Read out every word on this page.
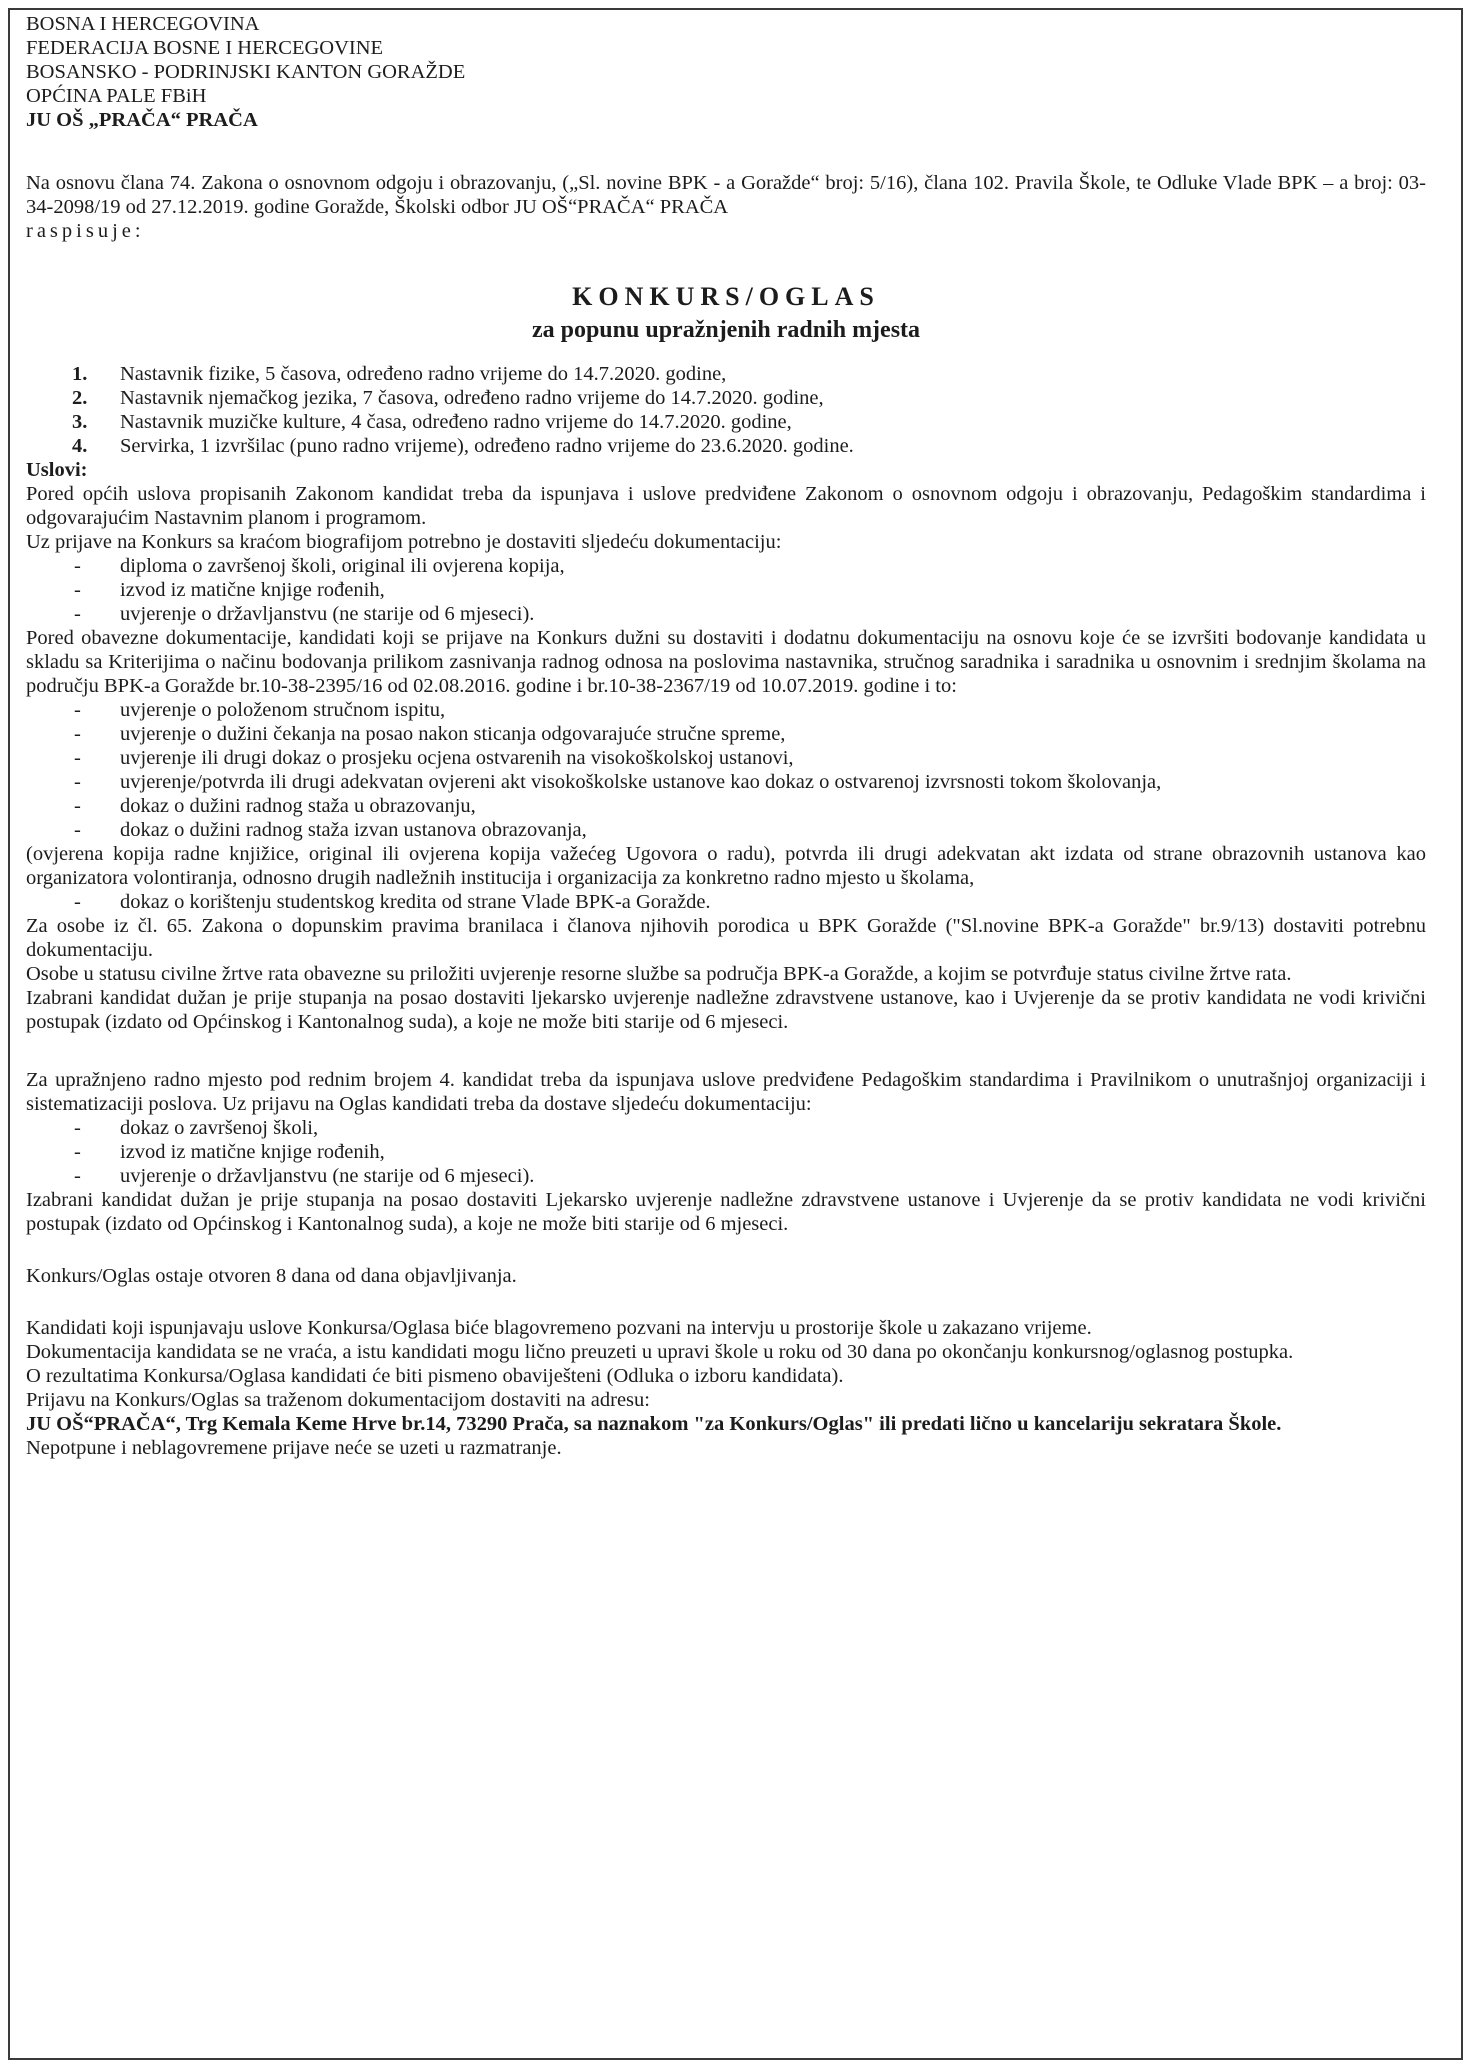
BOSNA I HERCEGOVINA
FEDERACIJA BOSNE I HERCEGOVINE
BOSANSKO - PODRINJSKI KANTON GORAŽDE
OPĆINA PALE FBiH
JU OŠ „PRAČA“ PRAČA

Na osnovu člana 74. Zakona o osnovnom odgoju i obrazovanju, („Sl. novine BPK - a Goražde“ broj: 5/16), člana 102. Pravila Škole, te Odluke Vlade BPK – a broj: 03-34-2098/19 od 27.12.2019. godine Goražde, Školski odbor JU OŠ“PRAČA“ PRAČA

raspisuje:

KONKURS/OGLAS
za popunu upražnjenih radnih mjesta
1.	Nastavnik fizike, 5 časova, određeno radno vrijeme do 14.7.2020. godine,
2.	Nastavnik njemačkog jezika, 7 časova, određeno radno vrijeme do 14.7.2020. godine,
3.	Nastavnik muzičke kulture, 4 časa, određeno radno vrijeme do 14.7.2020. godine,
4.	Servirka, 1 izvršilac (puno radno vrijeme), određeno radno vrijeme do 23.6.2020. godine.

Uslovi:

Pored općih uslova propisanih Zakonom kandidat treba da ispunjava i uslove predviđene Zakonom o osnovnom odgoju i obrazovanju, Pedagoškim standardima i odgovarajućim Nastavnim planom i programom.

Uz prijave na Konkurs sa kraćom biografijom potrebno je dostaviti sljedeću dokumentaciju:

-	diploma o završenoj školi, original ili ovjerena kopija,
-	izvod iz matične knjige rođenih,
-	uvjerenje o državljanstvu (ne starije od 6 mjeseci).

Pored obavezne dokumentacije, kandidati koji se prijave na Konkurs dužni su dostaviti i dodatnu dokumentaciju na osnovu koje će se izvršiti bodovanje kandidata u skladu sa Kriterijima o načinu bodovanja prilikom zasnivanja radnog odnosa na poslovima nastavnika, stručnog saradnika i saradnika u osnovnim i srednjim školama na području BPK-a Goražde br.10-38-2395/16 od 02.08.2016. godine i br.10-38-2367/19 od 10.07.2019. godine i to:

-	uvjerenje o položenom stručnom ispitu,
-	uvjerenje o dužini čekanja na posao nakon sticanja odgovarajuće stručne spreme,
-	uvjerenje ili drugi dokaz o prosjeku ocjena ostvarenih na visokoškolskoj ustanovi,
-	uvjerenje/potvrda ili drugi adekvatan ovjereni akt visokoškolske ustanove kao dokaz o ostvarenoj izvrsnosti tokom školovanja,
-	dokaz o dužini radnog staža u obrazovanju,
-	dokaz o dužini radnog staža izvan ustanova obrazovanja,

(ovjerena kopija radne knjižice, original ili ovjerena kopija važećeg Ugovora o radu), potvrda ili drugi adekvatan akt izdata od strane obrazovnih ustanova kao organizatora volontiranja, odnosno drugih nadležnih institucija i organizacija za konkretno radno mjesto u školama,

-	dokaz o korištenju studentskog kredita od strane Vlade BPK-a Goražde.

Za osobe iz čl. 65. Zakona o dopunskim pravima branilaca i članova njihovih porodica u BPK Goražde ("Sl.novine BPK-a Goražde" br.9/13) dostaviti potrebnu dokumentaciju.

Osobe u statusu civilne žrtve rata obavezne su priložiti uvjerenje resorne službe sa područja BPK-a Goražde, a kojim se potvrđuje status civilne žrtve rata.

Izabrani kandidat dužan je prije stupanja na posao dostaviti ljekarsko uvjerenje nadležne zdravstvene ustanove, kao i Uvjerenje da se protiv kandidata ne vodi krivični postupak (izdato od Općinskog i Kantonalnog suda), a koje ne može biti starije od 6 mjeseci.

Za upražnjeno radno mjesto pod rednim brojem 4. kandidat treba da ispunjava uslove predviđene Pedagoškim standardima i Pravilnikom o unutrašnjoj organizaciji i sistematizaciji poslova. Uz prijavu na Oglas kandidati treba da dostave sljedeću dokumentaciju:

-	dokaz o završenoj školi,
-	izvod iz matične knjige rođenih,
-	uvjerenje o državljanstvu (ne starije od 6 mjeseci).

Izabrani kandidat dužan je prije stupanja na posao dostaviti Ljekarsko uvjerenje nadležne zdravstvene ustanove i Uvjerenje da se protiv kandidata ne vodi krivični postupak (izdato od Općinskog i Kantonalnog suda), a koje ne može biti starije od 6 mjeseci.

Konkurs/Oglas ostaje otvoren 8 dana od dana objavljivanja.

Kandidati koji ispunjavaju uslove Konkursa/Oglasa biće blagovremeno pozvani na intervju u prostorije škole u zakazano vrijeme.

Dokumentacija kandidata se ne vraća, a istu kandidati mogu lično preuzeti u upravi škole u roku od 30 dana po okončanju konkursnog/oglasnog postupka.

O rezultatima Konkursa/Oglasa kandidati će biti pismeno obaviješteni (Odluka o izboru kandidata).

Prijavu na Konkurs/Oglas sa traženom dokumentacijom dostaviti na adresu:

JU OŠ“PRAČA“, Trg Kemala Keme Hrve br.14, 73290 Prača, sa naznakom "za Konkurs/Oglas" ili predati lično u kancelariju sekratara Škole.

Nepotpune i neblagovremene prijave neće se uzeti u razmatranje.
